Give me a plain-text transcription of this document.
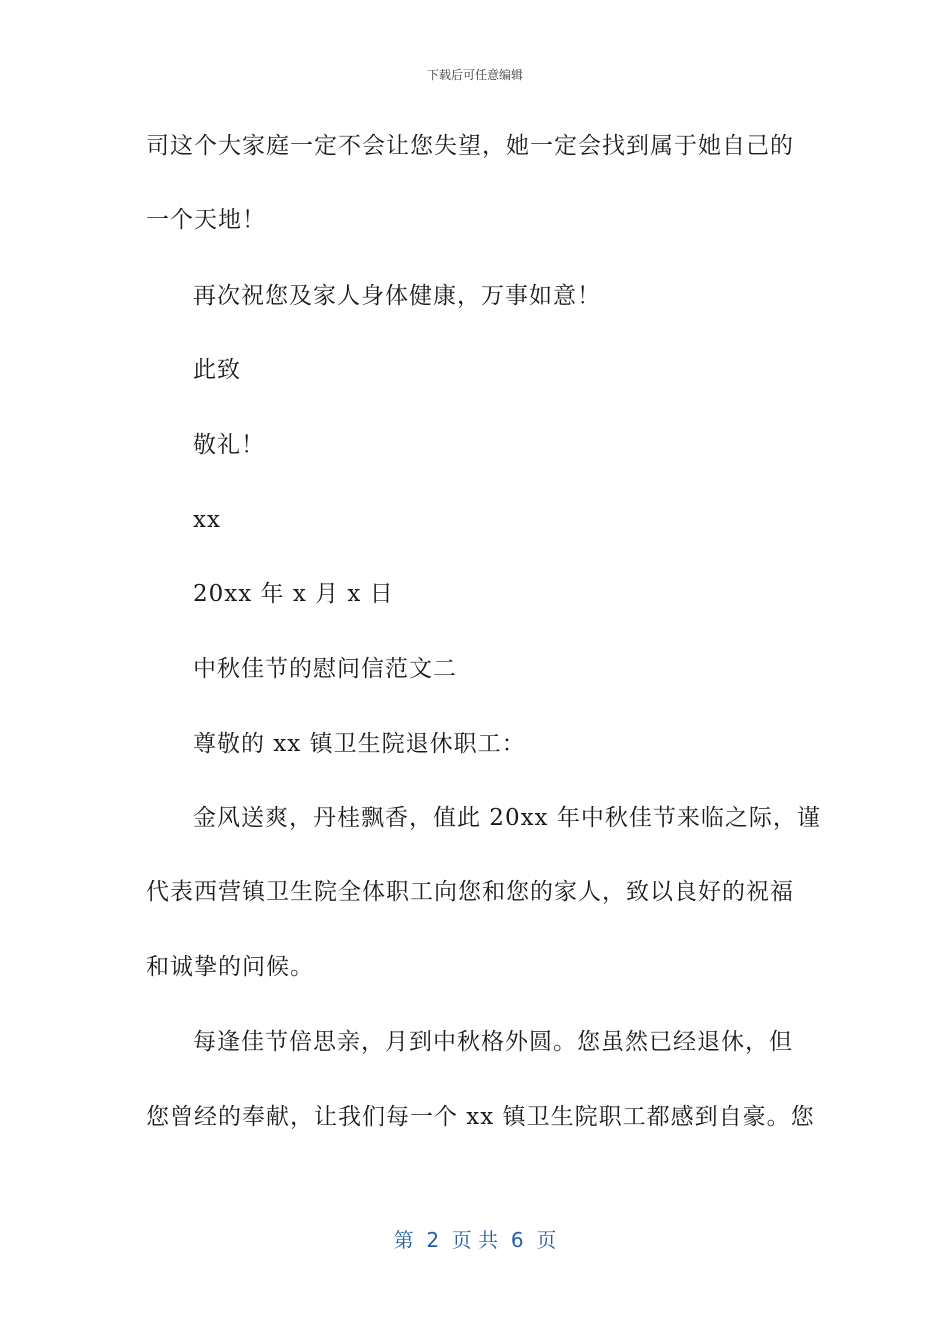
下载后可任意编辑
司这个大家庭一定不会让您失望，她一定会找到属于她自己的
一个天地！
再次祝您及家人身体健康，万事如意！
此致
敬礼！
xx
20xx 年 x 月 x 日
中秋佳节的慰问信范文二
尊敬的 xx 镇卫生院退休职工：
金风送爽，丹桂飘香，值此 20xx 年中秋佳节来临之际，谨
代表西营镇卫生院全体职工向您和您的家人，致以良好的祝福
和诚挚的问候。
每逢佳节倍思亲，月到中秋格外圆。您虽然已经退休，但
您曾经的奉献，让我们每一个 xx 镇卫生院职工都感到自豪。您
第  2  页 共  6  页
